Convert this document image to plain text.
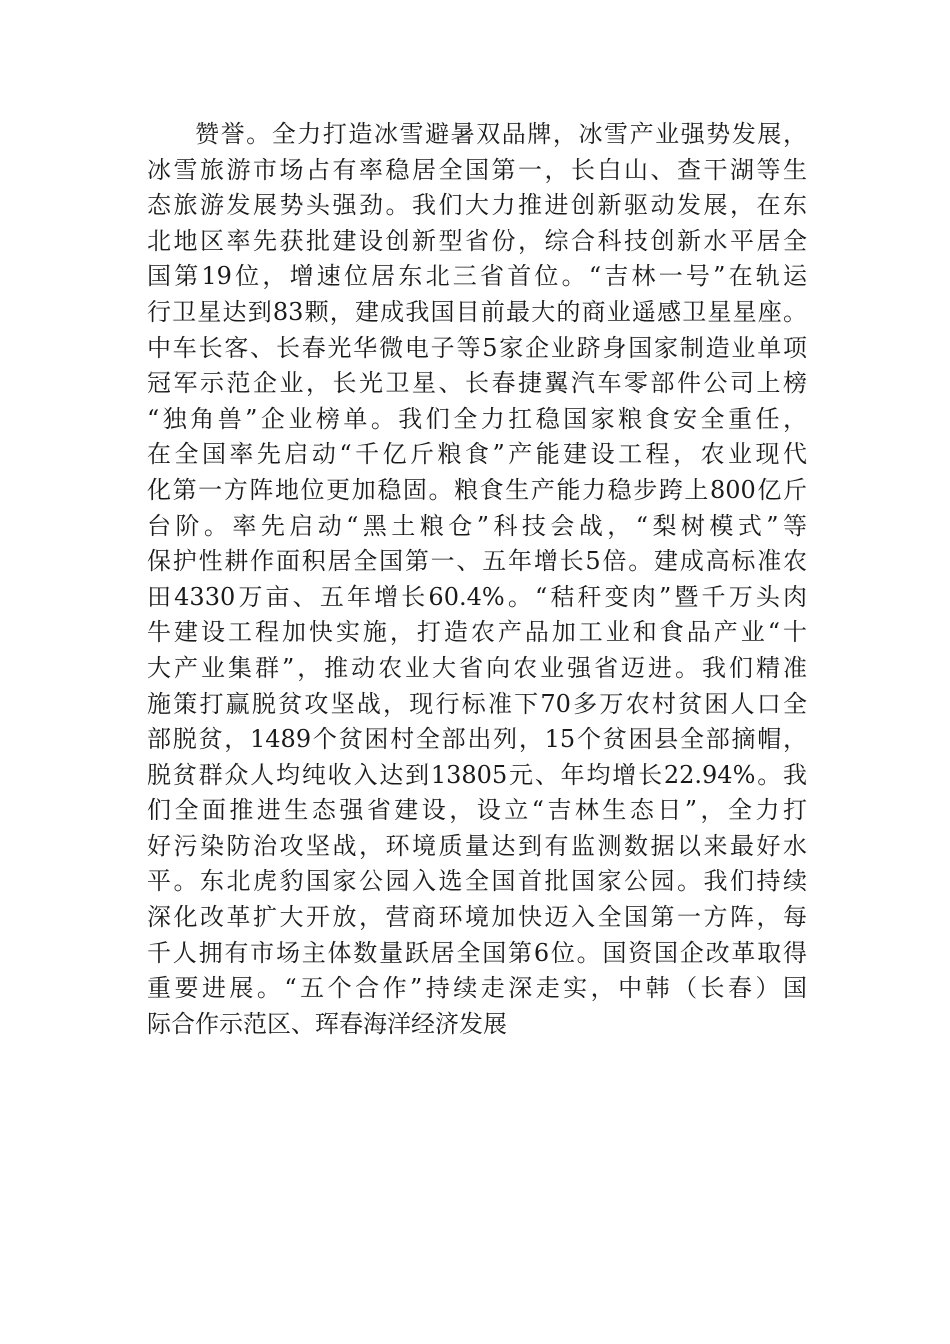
赞誉。全力打造冰雪避暑双品牌，冰雪产业强势发展，
冰雪旅游市场占有率稳居全国第一，长白山、查干湖等生
态旅游发展势头强劲。我们大力推进创新驱动发展，在东
北地区率先获批建设创新型省份，综合科技创新水平居全
国第19位，增速位居东北三省首位。“吉林一号”在轨运
行卫星达到83颗，建成我国目前最大的商业遥感卫星星座。
中车长客、长春光华微电子等5家企业跻身国家制造业单项
冠军示范企业，长光卫星、长春捷翼汽车零部件公司上榜
“独角兽”企业榜单。我们全力扛稳国家粮食安全重任，
在全国率先启动“千亿斤粮食”产能建设工程，农业现代
化第一方阵地位更加稳固。粮食生产能力稳步跨上800亿斤
台阶。率先启动“黑土粮仓”科技会战，“梨树模式”等
保护性耕作面积居全国第一、五年增长5倍。建成高标准农
田4330万亩、五年增长60.4%。“秸秆变肉”暨千万头肉
牛建设工程加快实施，打造农产品加工业和食品产业“十
大产业集群”，推动农业大省向农业强省迈进。我们精准
施策打赢脱贫攻坚战，现行标准下70多万农村贫困人口全
部脱贫，1489个贫困村全部出列，15个贫困县全部摘帽，
脱贫群众人均纯收入达到13805元、年均增长22.94%。我
们全面推进生态强省建设，设立“吉林生态日”，全力打
好污染防治攻坚战，环境质量达到有监测数据以来最好水
平。东北虎豹国家公园入选全国首批国家公园。我们持续
深化改革扩大开放，营商环境加快迈入全国第一方阵，每
千人拥有市场主体数量跃居全国第6位。国资国企改革取得
重要进展。“五个合作”持续走深走实，中韩（长春）国
际合作示范区、珲春海洋经济发展
